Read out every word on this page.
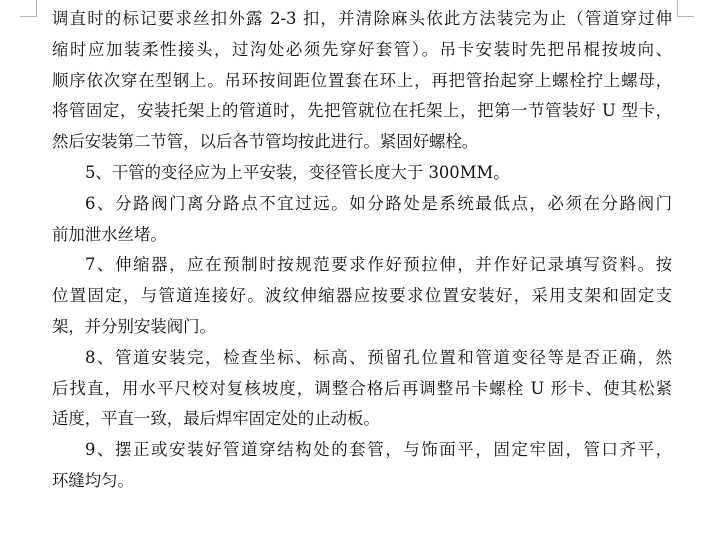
调直时的标记要求丝扣外露 2-3 扣，并清除麻头依此方法装完为止（管道穿过伸
缩时应加装柔性接头，过沟处必须先穿好套管）。吊卡安装时先把吊棍按坡向、
顺序依次穿在型钢上。吊环按间距位置套在环上，再把管抬起穿上螺栓拧上螺母，
将管固定，安装托架上的管道时，先把管就位在托架上，把第一节管装好 U 型卡，
然后安装第二节管，以后各节管均按此进行。紧固好螺栓。
5、干管的变径应为上平安装，变径管长度大于 300MM。
6、分路阀门离分路点不宜过远。如分路处是系统最低点，必须在分路阀门
前加泄水丝堵。
7、伸缩器，应在预制时按规范要求作好预拉伸，并作好记录填写资料。按
位置固定，与管道连接好。波纹伸缩器应按要求位置安装好，采用支架和固定支
架，并分别安装阀门。
8、管道安装完，检查坐标、标高、预留孔位置和管道变径等是否正确，然
后找直，用水平尺校对复核坡度，调整合格后再调整吊卡螺栓 U 形卡、使其松紧
适度，平直一致，最后焊牢固定处的止动板。
9、摆正或安装好管道穿结构处的套管，与饰面平，固定牢固，管口齐平，
环缝均匀。
